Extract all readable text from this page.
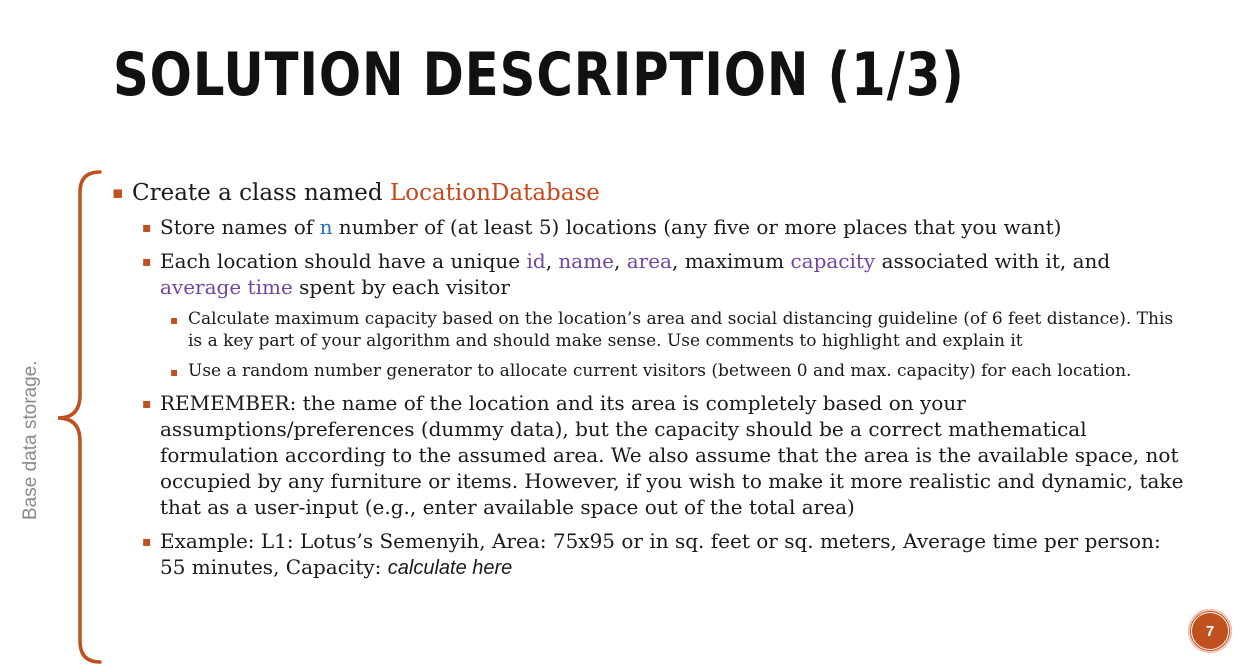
SOLUTION DESCRIPTION (1/3)
Base data storage.
▪ Create a class named LocationDatabase
▪ Store names of n number of (at least 5) locations (any five or more places that you want)
▪ Each location should have a unique id, name, area, maximum capacity associated with it, and average time spent by each visitor
▪ Calculate maximum capacity based on the location’s area and social distancing guideline (of 6 feet distance). This is a key part of your algorithm and should make sense. Use comments to highlight and explain it
▪ Use a random number generator to allocate current visitors (between 0 and max. capacity) for each location.
▪ REMEMBER: the name of the location and its area is completely based on your assumptions/preferences (dummy data), but the capacity should be a correct mathematical formulation according to the assumed area. We also assume that the area is the available space, not occupied by any furniture or items. However, if you wish to make it more realistic and dynamic, take that as a user-input (e.g., enter available space out of the total area)
▪ Example: L1: Lotus’s Semenyih, Area: 75x95 or in sq. feet or sq. meters, Average time per person: 55 minutes, Capacity: calculate here
7
